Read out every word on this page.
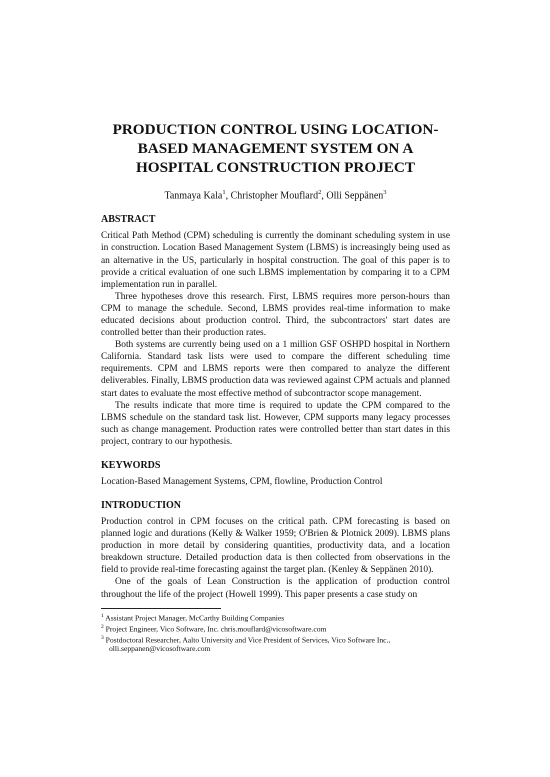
PRODUCTION CONTROL USING LOCATION-
BASED MANAGEMENT SYSTEM ON A
HOSPITAL CONSTRUCTION PROJECT
Tanmaya Kala$^1$, Christopher Mouflard$^2$, Olli Seppänen$^3$
ABSTRACT

Critical Path Method (CPM) scheduling is currently the dominant scheduling system in use in construction. Location Based Management System (LBMS) is increasingly being used as an alternative in the US, particularly in hospital construction. The goal of this paper is to provide a critical evaluation of one such LBMS implementation by comparing it to a CPM implementation run in parallel.

Three hypotheses drove this research. First, LBMS requires more person-hours than CPM to manage the schedule. Second, LBMS provides real-time information to make educated decisions about production control. Third, the subcontractors' start dates are controlled better than their production rates.

Both systems are currently being used on a 1 million GSF OSHPD hospital in Northern California. Standard task lists were used to compare the different scheduling time requirements. CPM and LBMS reports were then compared to analyze the different deliverables. Finally, LBMS production data was reviewed against CPM actuals and planned start dates to evaluate the most effective method of subcontractor scope management.

The results indicate that more time is required to update the CPM compared to the LBMS schedule on the standard task list. However, CPM supports many legacy processes such as change management. Production rates were controlled better than start dates in this project, contrary to our hypothesis.

KEYWORDS

Location-Based Management Systems, CPM, flowline, Production Control

INTRODUCTION

Production control in CPM focuses on the critical path. CPM forecasting is based on planned logic and durations (Kelly & Walker 1959; O'Brien & Plotnick 2009). LBMS plans production in more detail by considering quantities, productivity data, and a location breakdown structure. Detailed production data is then collected from observations in the field to provide real-time forecasting against the target plan. (Kenley & Seppänen 2010).

One of the goals of Lean Construction is the application of production control throughout the life of the project (Howell 1999). This paper presents a case study on

$^1$ Assistant Project Manager, McCarthy Building Companies

$^2$ Project Engineer, Vico Software, Inc. chris.mouflard@vicosoftware.com

$^3$ Postdoctoral Researcher, Aalto University and Vice President of Services, Vico Software Inc.,
olli.seppanen@vicosoftware.com
